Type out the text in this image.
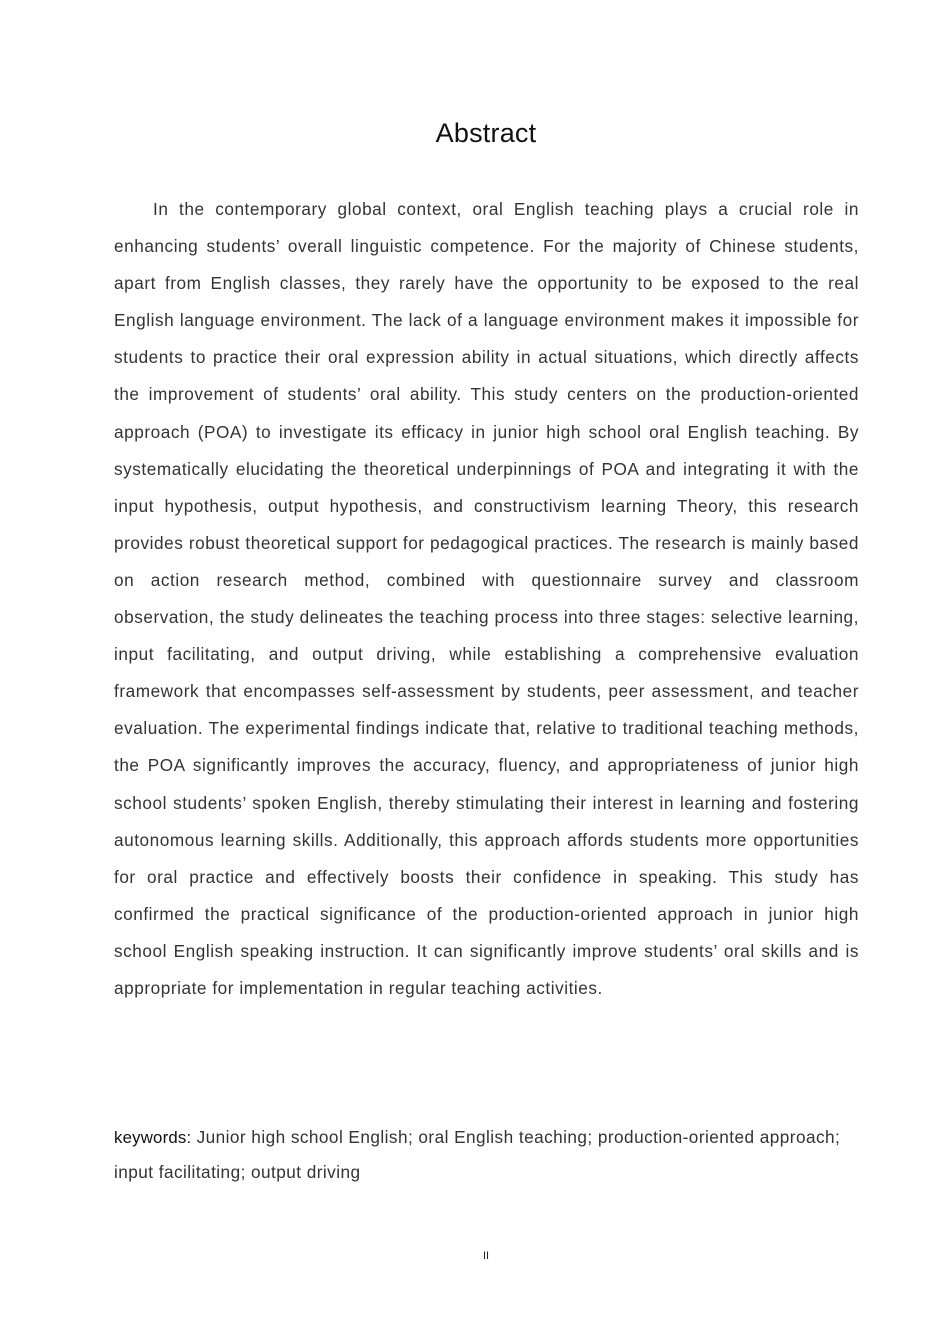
Abstract

In the contemporary global context, oral English teaching plays a crucial role in enhancing students’ overall linguistic competence. For the majority of Chinese students, apart from English classes, they rarely have the opportunity to be exposed to the real English language environment. The lack of a language environment makes it impossible for students to practice their oral expression ability in actual situations, which directly affects the improvement of students’ oral ability. This study centers on the production-oriented approach (POA) to investigate its efficacy in junior high school oral English teaching. By systematically elucidating the theoretical underpinnings of POA and integrating it with the input hypothesis, output hypothesis, and constructivism learning Theory, this research provides robust theoretical support for pedagogical practices. The research is mainly based on action research method, combined with questionnaire survey and classroom observation, the study delineates the teaching process into three stages: selective learning, input facilitating, and output driving, while establishing a comprehensive evaluation framework that encompasses self-assessment by students, peer assessment, and teacher evaluation. The experimental findings indicate that, relative to traditional teaching methods, the POA significantly improves the accuracy, fluency, and appropriateness of junior high school students’ spoken English, thereby stimulating their interest in learning and fostering autonomous learning skills. Additionally, this approach affords students more opportunities for oral practice and effectively boosts their confidence in speaking. This study has confirmed the practical significance of the production-oriented approach in junior high school English speaking instruction. It can significantly improve students’ oral skills and is appropriate for implementation in regular teaching activities.

keywords: Junior high school English; oral English teaching; production-oriented approach; input facilitating; output driving

II
